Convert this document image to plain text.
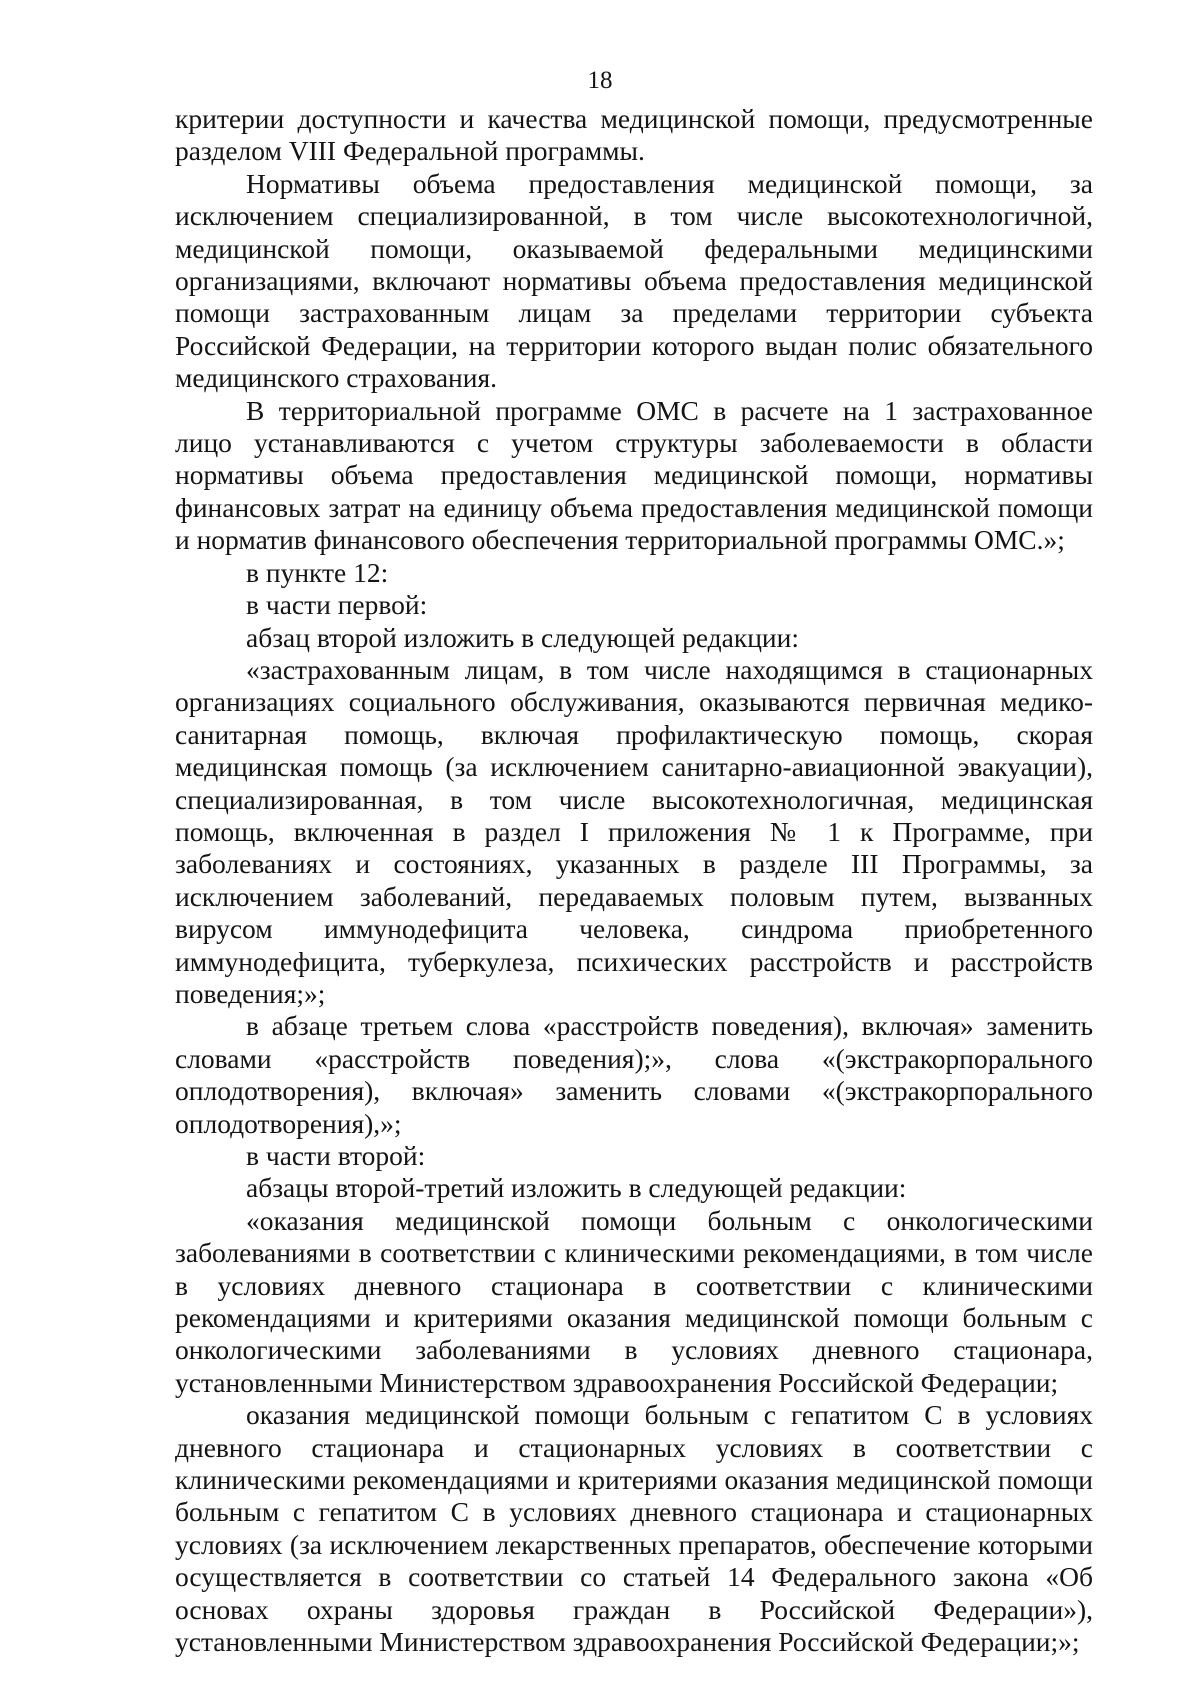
18

критерии доступности и качества медицинской помощи, предусмотренные разделом VIII Федеральной программы.

Нормативы объема предоставления медицинской помощи, за исключением специализированной, в том числе высокотехнологичной, медицинской помощи, оказываемой федеральными медицинскими организациями, включают нормативы объема предоставления медицинской помощи застрахованным лицам за пределами территории субъекта Российской Федерации, на территории которого выдан полис обязательного медицинского страхования.

В территориальной программе ОМС в расчете на 1 застрахованное лицо устанавливаются с учетом структуры заболеваемости в области нормативы объема предоставления медицинской помощи, нормативы финансовых затрат на единицу объема предоставления медицинской помощи и норматив финансового обеспечения территориальной программы ОМС.»;

в пункте 12:

в части первой:

абзац второй изложить в следующей редакции:

«застрахованным лицам, в том числе находящимся в стационарных организациях социального обслуживания, оказываются первичная медико-санитарная помощь, включая профилактическую помощь, скорая медицинская помощь (за исключением санитарно-авиационной эвакуации), специализированная, в том числе высокотехнологичная, медицинская помощь, включенная в раздел I приложения № 1 к Программе, при заболеваниях и состояниях, указанных в разделе III Программы, за исключением заболеваний, передаваемых половым путем, вызванных вирусом иммунодефицита человека, синдрома приобретенного иммунодефицита, туберкулеза, психических расстройств и расстройств поведения;»;

в абзаце третьем слова «расстройств поведения), включая» заменить словами «расстройств поведения);», слова «(экстракорпорального оплодотворения), включая» заменить словами «(экстракорпорального оплодотворения),»;

в части второй:

абзацы второй-третий изложить в следующей редакции:

«оказания медицинской помощи больным с онкологическими заболеваниями в соответствии с клиническими рекомендациями, в том числе в условиях дневного стационара в соответствии с клиническими рекомендациями и критериями оказания медицинской помощи больным с онкологическими заболеваниями в условиях дневного стационара, установленными Министерством здравоохранения Российской Федерации;

оказания медицинской помощи больным с гепатитом С в условиях дневного стационара и стационарных условиях в соответствии с клиническими рекомендациями и критериями оказания медицинской помощи больным с гепатитом С в условиях дневного стационара и стационарных условиях (за исключением лекарственных препаратов, обеспечение которыми осуществляется в соответствии со статьей 14 Федерального закона «Об основах охраны здоровья граждан в Российской Федерации»), установленными Министерством здравоохранения Российской Федерации;»;
